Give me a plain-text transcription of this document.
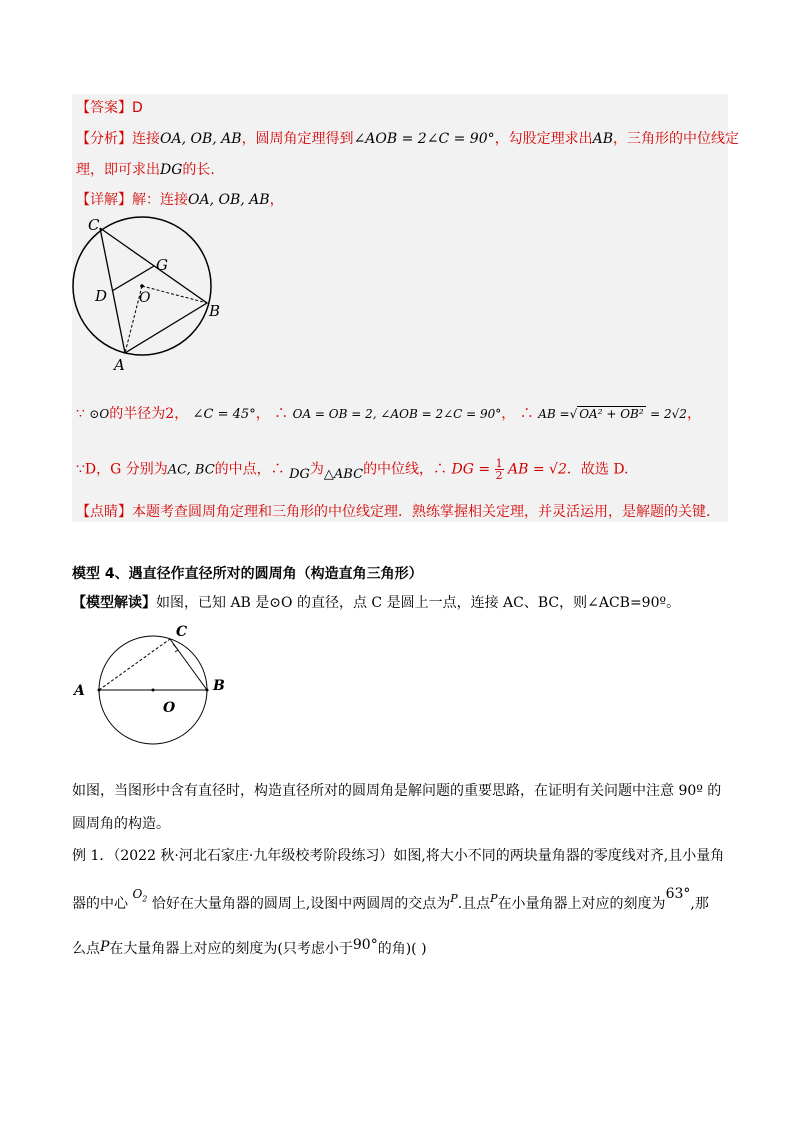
【答案】D
【分析】连接OA, OB, AB，圆周角定理得到∠AOB = 2∠C = 90°，勾股定理求出AB，三角形的中位线定
理，即可求出DG的长.
【详解】解：连接OA, OB, AB，
C
G
D O
B
A
∵ ⊙O的半径为2， ∠C = 45°， ∴ OA = OB = 2, ∠AOB = 2∠C = 90°， ∴ AB =√ OA² + OB² = 2√2，
∵D，G 分别为AC, BC的中点，∴ DG为△ABC的中位线，∴ DG = $\frac{1}{2}$ AB = √2．故选 D.
【点睛】本题考查圆周角定理和三角形的中位线定理．熟练掌握相关定理，并灵活运用，是解题的关键.
模型 4、遇直径作直径所对的圆周角（构造直角三角形）
【模型解读】如图，已知 AB 是⊙O 的直径，点 C 是圆上一点，连接 AC、BC，则∠ACB=90º。
C
A	B
O
如图，当图形中含有直径时，构造直径所对的圆周角是解问题的重要思路，在证明有关问题中注意 90º 的
圆周角的构造。
例 1．（2022 秋·河北石家庄·九年级校考阶段练习）如图,将大小不同的两块量角器的零度线对齐,且小量角
器的中心 $O_2$ 恰好在大量角器的圆周上,设图中两圆周的交点为$^P$.且点$^P$在小量角器上对应的刻度为63°,那
么点P在大量角器上对应的刻度为(只考虑小于90°的角)( )
